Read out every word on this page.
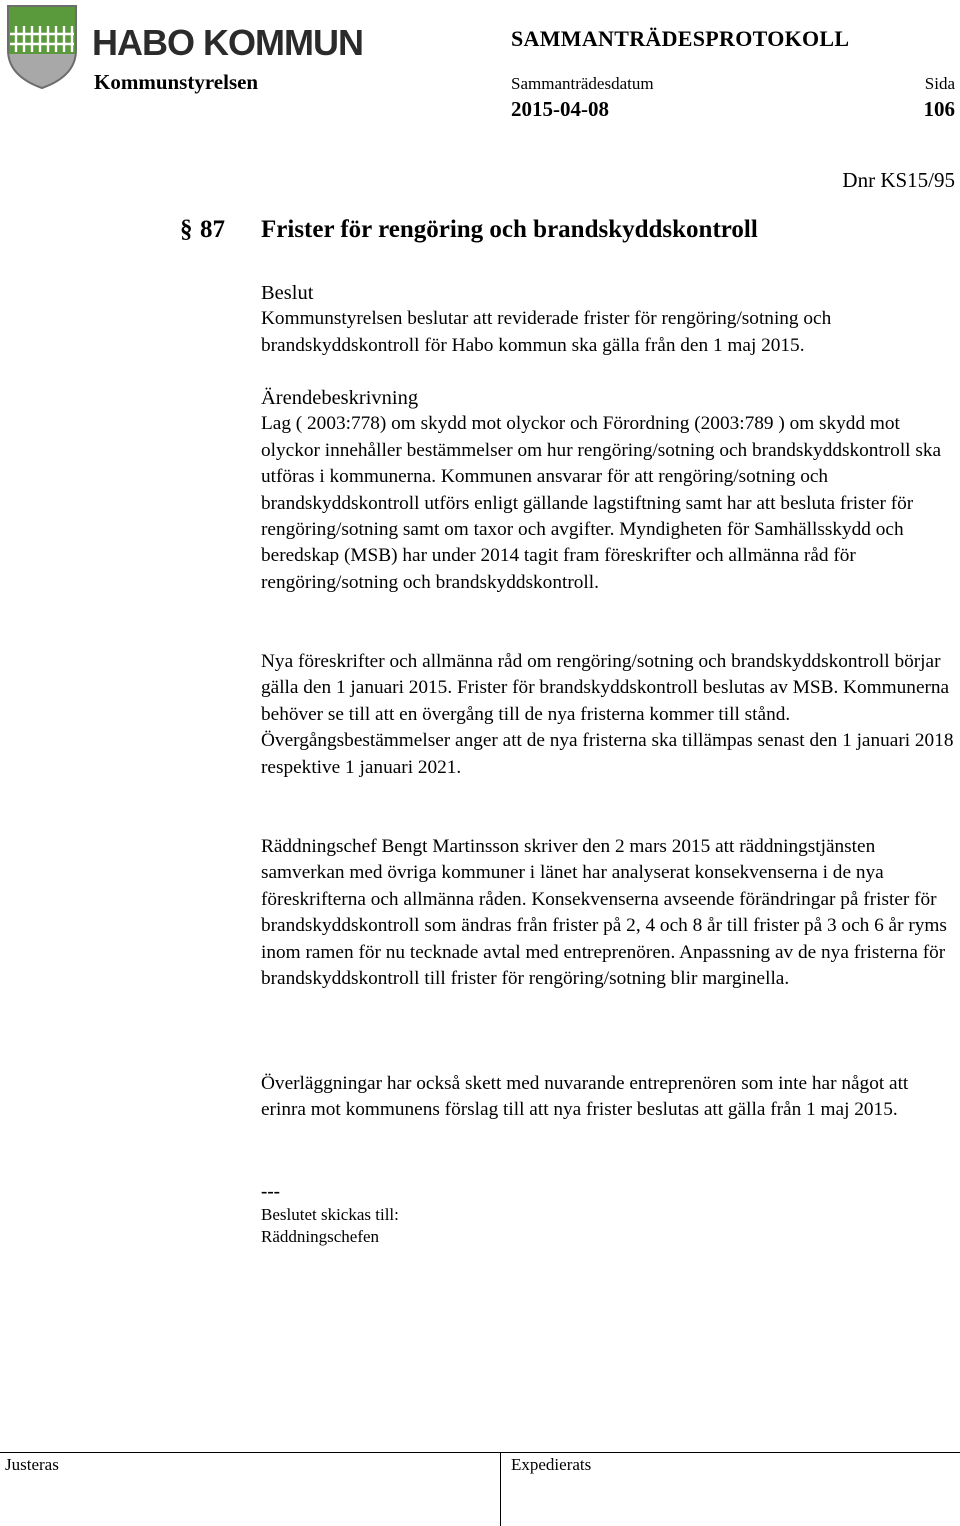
HABO KOMMUN
Kommunstyrelsen
SAMMANTRÄDESPROTOKOLL
Sammanträdesdatum
2015-04-08
Sida
106
Dnr KS15/95
§ 87 Frister för rengöring och brandskyddskontroll

Beslut

Kommunstyrelsen beslutar att reviderade frister för rengöring/sotning och brandskyddskontroll för Habo kommun ska gälla från den 1 maj 2015.

Ärendebeskrivning

Lag ( 2003:778) om skydd mot olyckor och Förordning (2003:789 ) om skydd mot olyckor innehåller bestämmelser om hur rengöring/sotning och brandskyddskontroll ska utföras i kommunerna. Kommunen ansvarar för att rengöring/sotning och brandskyddskontroll utförs enligt gällande lagstiftning samt har att besluta frister för rengöring/sotning samt om taxor och avgifter. Myndigheten för Samhällsskydd och beredskap (MSB) har under 2014 tagit fram föreskrifter och allmänna råd för rengöring/sotning och brandskyddskontroll.

Nya föreskrifter och allmänna råd om rengöring/sotning och brandskyddskontroll börjar gälla den 1 januari 2015. Frister för brandskyddskontroll beslutas av MSB. Kommunerna behöver se till att en övergång till de nya fristerna kommer till stånd. Övergångsbestämmelser anger att de nya fristerna ska tillämpas senast den 1 januari 2018 respektive 1 januari 2021.

Räddningschef Bengt Martinsson skriver den 2 mars 2015 att räddningstjänsten samverkan med övriga kommuner i länet har analyserat konsekvenserna i de nya föreskrifterna och allmänna råden. Konsekvenserna avseende förändringar på frister för brandskyddskontroll som ändras från frister på 2, 4 och 8 år till frister på 3 och 6 år ryms inom ramen för nu tecknade avtal med entreprenören. Anpassning av de nya fristerna för brandskyddskontroll till frister för rengöring/sotning blir marginella.

Överläggningar har också skett med nuvarande entreprenören som inte har något att erinra mot kommunens förslag till att nya frister beslutas att gälla från 1 maj 2015.

---
Beslutet skickas till:
Räddningschefen
Justeras	Expedierats
